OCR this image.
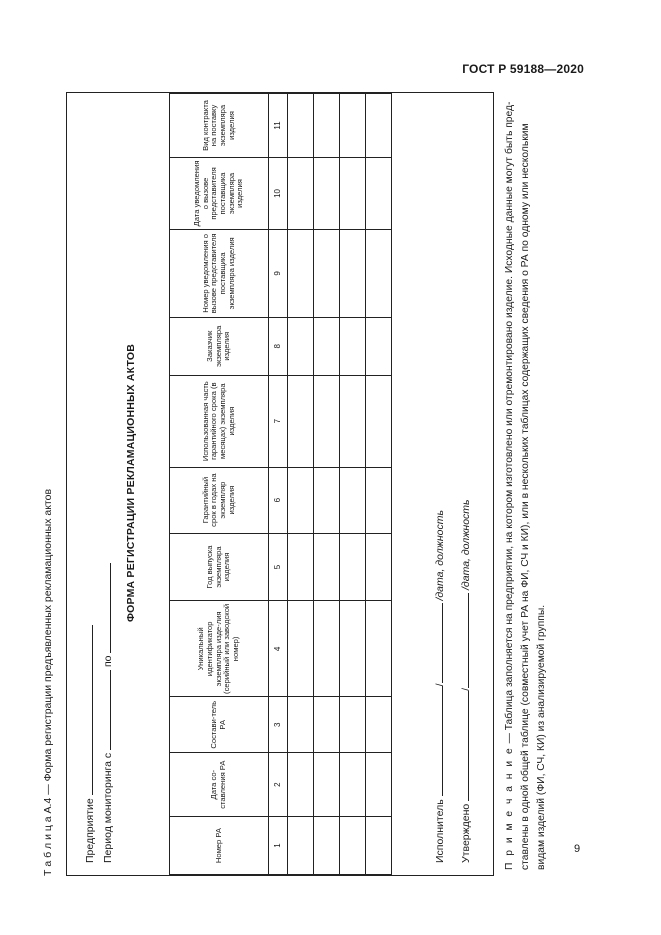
ГОСТ Р 59188—2020
Т а б л и ц а А.4 — Форма регистрации предъявленных рекламационных актов	Предприятие Период мониторинга с  по
ФОРМА РЕГИСТРАЦИИ РЕКЛАМАЦИОННЫХ АКТОВ
Номер РА	Дата со-ставления РА	Состави-тель РА	Уникальный идентификатор экземпляра изде-лия (серийный или заводской номер)	Год выпуска экземпляра изделия	Гарантийный срок в годах на экземпляр изделия	Использованная часть гарантийного срока (в месяцах) экземпляра изделия	Заказчик экземпляра изделия	Номер уведомления о вызове представителя поставщика экземпляра изделия	Дата уведомления о вызове представителя поставщика экземпляра изделия	Вид контракта на поставку экземпляра изделия
1	2	3	4	5	6	7	8	9	10	11

Исполнитель / /дата, должность
Утверждено / /дата, должность
П р и м е ч а н и е — Таблица заполняется на предприятии, на котором изготовлено или отремонтировано изделие. Исходные данные могут быть пред-ставлены в одной общей таблице (совместный учет РА на ФИ, СЧ и КИ), или в нескольких таблицах содержащих сведения о РА по одному или нескольким видам изделий (ФИ, СЧ, КИ) из анализируемой группы. 9
